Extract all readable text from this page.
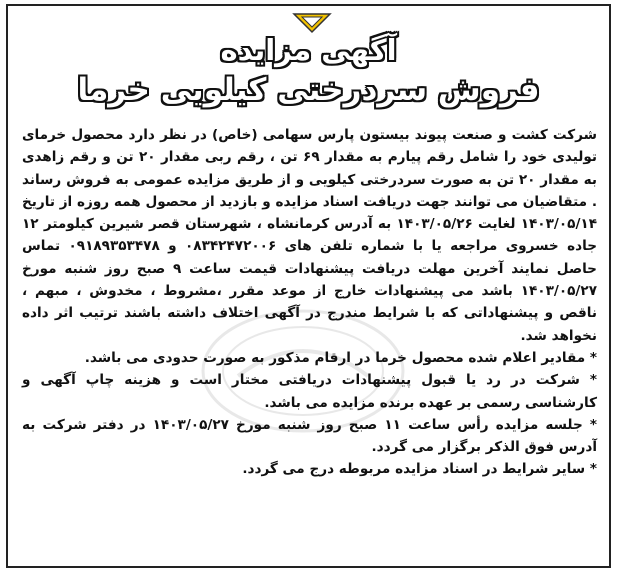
آگهی مزایده
فروش سردرختی کیلویی خرما

شرکت کشت و صنعت پیوند بیستون پارس سهامی (خاص) در نظر دارد محصول خرمای تولیدی خود را شامل رقم پیارم به مقدار ۶۹ تن ، رقم ربی مقدار ۲۰ تن و رقم زاهدی به مقدار ۲۰ تن به صورت سردرختی کیلویی و از طریق مزایده عمومی به فروش رساند . متقاضیان می توانند جهت دریافت اسناد مزایده و بازدید از محصول همه روزه از تاریخ ۱۴۰۳/۰۵/۱۴ لغایت ۱۴۰۳/۰۵/۲۶ به آدرس کرمانشاه ، شهرستان قصر شیرین کیلومتر ۱۲ جاده خسروی مراجعه یا با شماره تلفن های ۰۸۳۴۲۴۷۲۰۰۶ و ۰۹۱۸۹۳۵۳۴۷۸ تماس حاصل نمایند آخرین مهلت دریافت پیشنهادات قیمت ساعت ۹ صبح روز شنبه مورخ ۱۴۰۳/۰۵/۲۷ باشد می پیشنهادات خارج از موعد مقرر ،مشروط ، مخدوش ، مبهم ، ناقص و پیشنهاداتی که با شرایط مندرج در آگهی اختلاف داشته باشند ترتیب اثر داده نخواهد شد.

* مقادیر اعلام شده محصول خرما در ارقام مذکور به صورت حدودی می باشد.

* شرکت در رد یا قبول پیشنهادات دریافتی مختار است و هزینه چاپ آگهی و کارشناسی رسمی بر عهده برنده مزایده می باشد.

* جلسه مزایده رأس ساعت ۱۱ صبح روز شنبه مورخ ۱۴۰۳/۰۵/۲۷ در دفتر شرکت به آدرس فوق الذکر برگزار می گردد.

* سایر شرایط در اسناد مزایده مربوطه درج می گردد.
